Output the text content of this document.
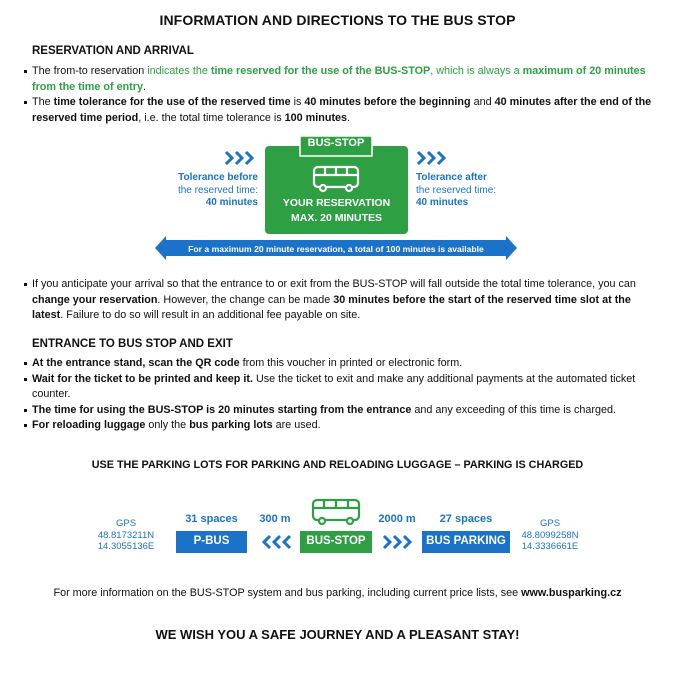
INFORMATION AND DIRECTIONS TO THE BUS STOP
RESERVATION AND ARRIVAL
The from-to reservation indicates the time reserved for the use of the BUS-STOP, which is always a maximum of 20 minutes from the time of entry.
The time tolerance for the use of the reserved time is 40 minutes before the beginning and 40 minutes after the end of the reserved time period, i.e. the total time tolerance is 100 minutes.
BUS-STOP
YOUR RESERVATION
MAX. 20 MINUTES
Tolerance before
the reserved time:
40 minutes
Tolerance after
the reserved time:
40 minutes
For a maximum 20 minute reservation, a total of 100 minutes is available
If you anticipate your arrival so that the entrance to or exit from the BUS-STOP will fall outside the total time tolerance, you can change your reservation. However, the change can be made 30 minutes before the start of the reserved time slot at the latest. Failure to do so will result in an additional fee payable on site.
ENTRANCE TO BUS STOP AND EXIT
At the entrance stand, scan the QR code from this voucher in printed or electronic form.
Wait for the ticket to be printed and keep it. Use the ticket to exit and make any additional payments at the automated ticket counter.
The time for using the BUS-STOP is 20 minutes starting from the entrance and any exceeding of this time is charged.
For reloading luggage only the bus parking lots are used.
USE THE PARKING LOTS FOR PARKING AND RELOADING LUGGAGE – PARKING IS CHARGED
GPS
48.8173211N
14.3055136E
31 spaces
P-BUS
300 m
BUS-STOP
2000 m	27 spaces
BUS PARKING
GPS
48.8099258N
14.3336661E
For more information on the BUS-STOP system and bus parking, including current price lists, see www.busparking.cz
WE WISH YOU A SAFE JOURNEY AND A PLEASANT STAY!
